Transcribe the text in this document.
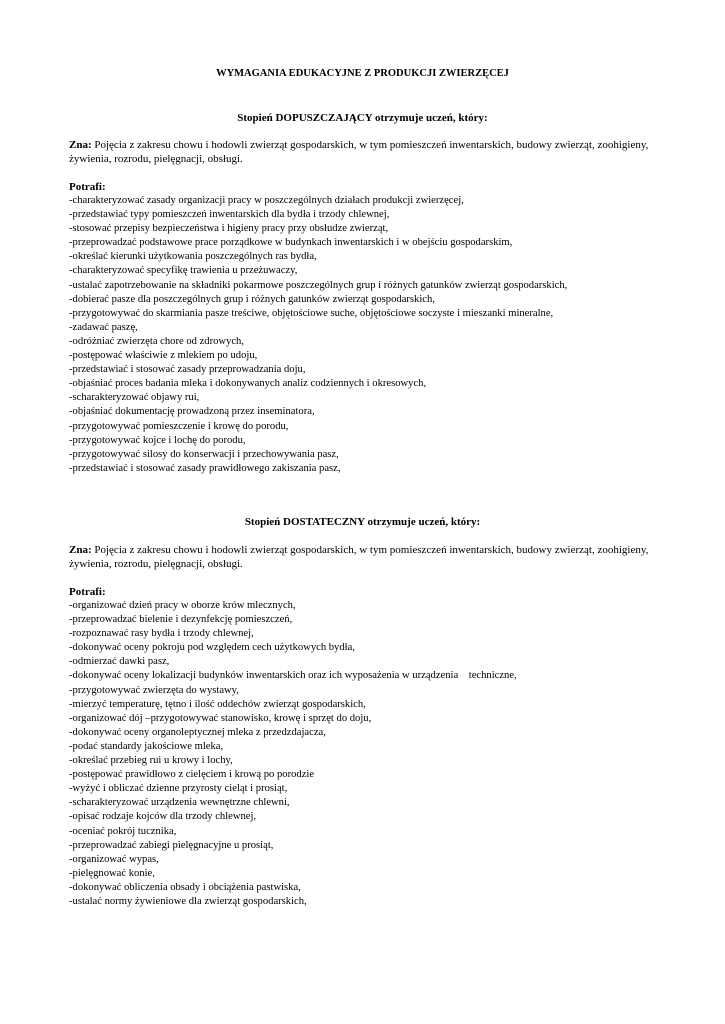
WYMAGANIA EDUKACYJNE Z PRODUKCJI ZWIERZĘCEJ
Stopień DOPUSZCZAJĄCY otrzymuje uczeń, który:
Zna: Pojęcia z zakresu chowu i hodowli zwierząt gospodarskich, w tym pomieszczeń inwentarskich, budowy zwierząt, zoohigieny, żywienia, rozrodu, pielęgnacji, obsługi.
Potrafi:
-charakteryzować zasady organizacji pracy w poszczególnych działach produkcji zwierzęcej,
-przedstawiać typy pomieszczeń inwentarskich dla bydła i trzody chlewnej,
-stosować przepisy bezpieczeństwa i higieny pracy przy obsłudze zwierząt,
-przeprowadzać podstawowe prace porządkowe w budynkach inwentarskich i w obejściu gospodarskim,
-określać kierunki użytkowania poszczególnych ras bydła,
-charakteryzować specyfikę trawienia u przeżuwaczy,
-ustalać zapotrzebowanie na składniki pokarmowe poszczególnych grup i różnych gatunków zwierząt gospodarskich,
-dobierać pasze dla poszczególnych grup i różnych gatunków zwierząt gospodarskich,
-przygotowywać do skarmiania pasze treściwe, objętościowe suche, objętościowe soczyste i mieszanki mineralne,
-zadawać paszę,
-odróżniać zwierzęta chore od zdrowych,
-postępować właściwie z mlekiem po udoju,
-przedstawiać i stosować zasady przeprowadzania doju,
-objaśniać proces badania mleka i dokonywanych analiz codziennych i okresowych,
-scharakteryzować objawy rui,
-objaśniać dokumentację prowadzoną przez inseminatora,
-przygotowywać pomieszczenie i krowę do porodu,
-przygotowywać kojce i lochę do porodu,
-przygotowywać silosy do konserwacji i przechowywania pasz,
-przedstawiać i stosować zasady prawidłowego zakiszania pasz,
Stopień DOSTATECZNY otrzymuje uczeń, który:
Zna: Pojęcia z zakresu chowu i hodowli zwierząt gospodarskich, w tym pomieszczeń inwentarskich, budowy zwierząt, zoohigieny, żywienia, rozrodu, pielęgnacji, obsługi.
Potrafi:
-organizować dzień pracy w oborze krów mlecznych,
-przeprowadzać bielenie i dezynfekcję pomieszczeń,
-rozpoznawać rasy bydła i trzody chlewnej,
-dokonywać oceny pokroju pod względem cech użytkowych bydła,
-odmierzać dawki pasz,
-dokonywać oceny lokalizacji budynków inwentarskich oraz ich wyposażenia w urządzenia    techniczne,
-przygotowywać zwierzęta do wystawy,
-mierzyć temperaturę, tętno i ilość oddechów zwierząt gospodarskich,
-organizować dój –przygotowywać stanowisko, krowę i sprzęt do doju,
-dokonywać oceny organoleptycznej mleka z przedzdajacza,
-podać standardy jakościowe mleka,
-określać przebieg rui u krowy i lochy,
-postępować prawidłowo z cielęciem i krową po porodzie
-wyżyć i obliczać dzienne przyrosty cieląt i prosiąt,
-scharakteryzować urządzenia wewnętrzne chlewni,
-opisać rodzaje kojców dla trzody chlewnej,
-oceniać pokrój tucznika,
-przeprowadzać zabiegi pielęgnacyjne u prosiąt,
-organizować wypas,
-pielęgnować konie,
-dokonywać obliczenia obsady i obciążenia pastwiska,
-ustalać normy żywieniowe dla zwierząt gospodarskich,
